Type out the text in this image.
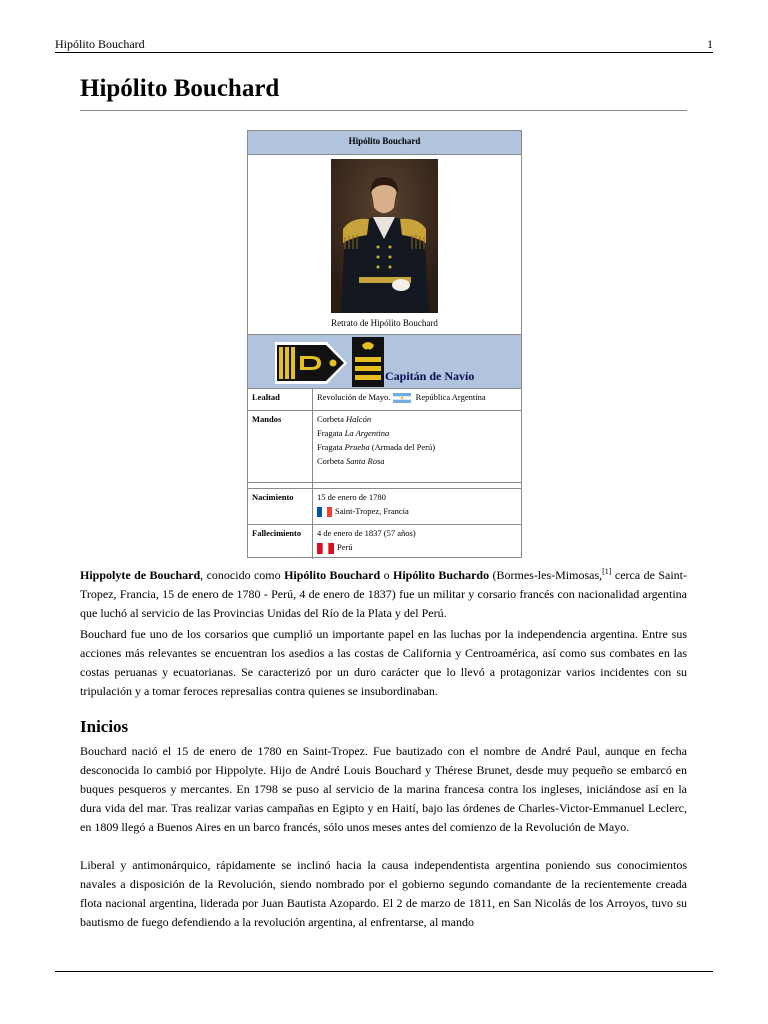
Hipólito Bouchard	1
Hipólito Bouchard
Hipólito Bouchard
Retrato de Hipólito Bouchard
Capitán de Navío
Lealtad	Revolución de Mayo.	República Argentina
Mandos	Corbeta Halcón
Fragata La Argentina
Fragata Prueba (Armada del Perú)
Corbeta Santa Rosa
Nacimiento	15 de enero de 1780
Saint-Tropez, Francia
Fallecimiento	4 de enero de 1837 (57 años)
Perú

Hippolyte de Bouchard, conocido como Hipólito Bouchard o Hipólito Buchardo (Bormes-les-Mimosas,[1] cerca de Saint-Tropez, Francia, 15 de enero de 1780 - Perú, 4 de enero de 1837) fue un militar y corsario francés con nacionalidad argentina que luchó al servicio de las Provincias Unidas del Río de la Plata y del Perú.

Bouchard fue uno de los corsarios que cumplió un importante papel en las luchas por la independencia argentina. Entre sus acciones más relevantes se encuentran los asedios a las costas de California y Centroamérica, así como sus combates en las costas peruanas y ecuatorianas. Se caracterizó por un duro carácter que lo llevó a protagonizar varios incidentes con su tripulación y a tomar feroces represalias contra quienes se insubordinaban.

Inicios

Bouchard nació el 15 de enero de 1780 en Saint-Tropez. Fue bautizado con el nombre de André Paul, aunque en fecha desconocida lo cambió por Hippolyte. Hijo de André Louis Bouchard y Thérese Brunet, desde muy pequeño se embarcó en buques pesqueros y mercantes. En 1798 se puso al servicio de la marina francesa contra los ingleses, iniciándose así en la dura vida del mar. Tras realizar varias campañas en Egipto y en Haití, bajo las órdenes de Charles-Victor-Emmanuel Leclerc, en 1809 llegó a Buenos Aires en un barco francés, sólo unos meses antes del comienzo de la Revolución de Mayo.

Liberal y antimonárquico, rápidamente se inclinó hacia la causa independentista argentina poniendo sus conocimientos navales a disposición de la Revolución, siendo nombrado por el gobierno segundo comandante de la recientemente creada flota nacional argentina, liderada por Juan Bautista Azopardo. El 2 de marzo de 1811, en San Nicolás de los Arroyos, tuvo su bautismo de fuego defendiendo a la revolución argentina, al enfrentarse, al mando
